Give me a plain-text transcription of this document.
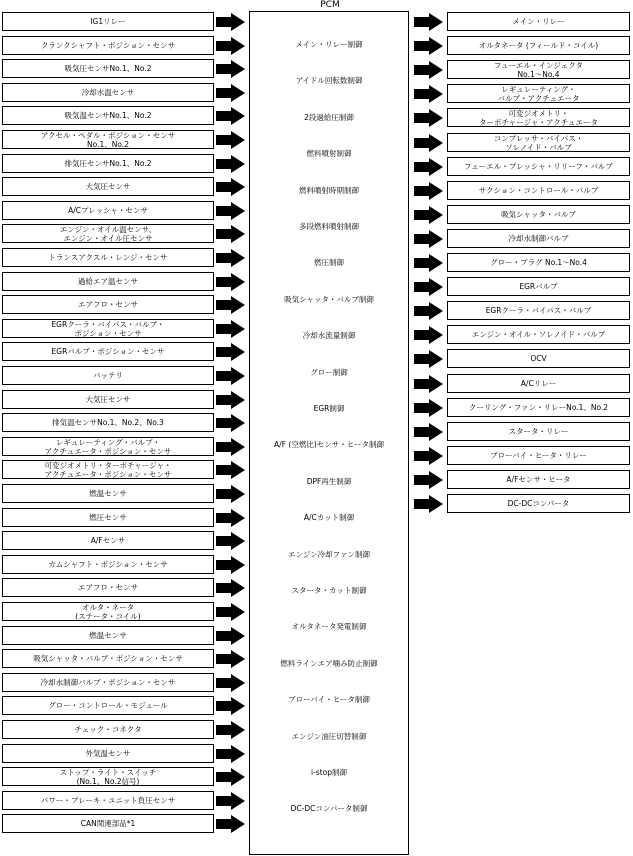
PCM
メイン・リレー制御
アイドル回転数制御
2段過給圧制御
燃料噴射制御
燃料噴射時期制御
多段燃料噴射制御
燃圧制御
吸気シャッタ・バルブ制御
冷却水流量制御
グロー制御
EGR制御
A/F (空燃比)センサ・ヒータ制御
DPF再生制御
A/Cカット制御
エンジン冷却ファン制御
スタータ・カット制御
オルタネータ発電制御
燃料ラインエア噛み防止制御
ブローバイ・ヒータ制御
エンジン油圧切替制御
i-stop制御
DC-DCコンバータ制御
IG1リレー
クランクシャフト・ポジション・センサ
吸気圧センサNo.1、No.2
冷却水温センサ
吸気温センサNo.1、No.2
アクセル・ペダル・ポジション・センサ
No.1、No.2
排気圧センサNo.1、No.2
大気圧センサ
A/Cプレッシャ・センサ
エンジン・オイル温センサ、
エンジン・オイル圧センサ
トランスアクスル・レンジ・センサ
過給エア温センサ
エアフロ・センサ
EGRクーラ・バイパス・バルブ・
ポジション・センサ
EGRバルブ・ポジション・センサ
バッテリ
大気圧センサ
排気温センサNo.1、No.2、No.3
レギュレーティング・バルブ・
アクチュエータ・ポジション・センサ
可変ジオメトリ・ターボチャージャ・
アクチュエータ・ポジション・センサ
燃温センサ
燃圧センサ
A/Fセンサ
カムシャフト・ポジション・センサ
エアフロ・センサ
オルタ・ネータ
(ステータ・コイル)
燃温センサ
吸気シャッタ・バルブ・ポジション・センサ
冷却水制御バルブ・ポジション・センサ
グロー・コントロール・モジュール
チェック・コネクタ
外気温センサ
ストップ・ライト・スイッチ
(No.1、No.2信号)
パワー・ブレーキ・ユニット負圧センサ
CAN関連部品*1
メイン・リレー
オルタネータ (フィールド・コイル)
フューエル・インジェクタ
No.1～No.4
レギュレーティング・
バルブ・アクチュエータ
可変ジオメトリ・
ターボチャージャ・アクチュエータ
コンプレッサ・バイパス・
ソレノイド・バルブ
フューエル・プレッシャ・リリーフ・バルブ
サクション・コントロール・バルブ
吸気シャッタ・バルブ
冷却水制御バルブ
グロー・プラグ No.1～No.4
EGRバルブ
EGRクーラ・バイパス・バルブ
エンジン・オイル・ソレノイド・バルブ
OCV
A/Cリレー
クーリング・ファン・リレーNo.1、No.2
スタータ・リレー
ブローバイ・ヒータ・リレー
A/Fセンサ・ヒータ
DC-DCコンバータ
